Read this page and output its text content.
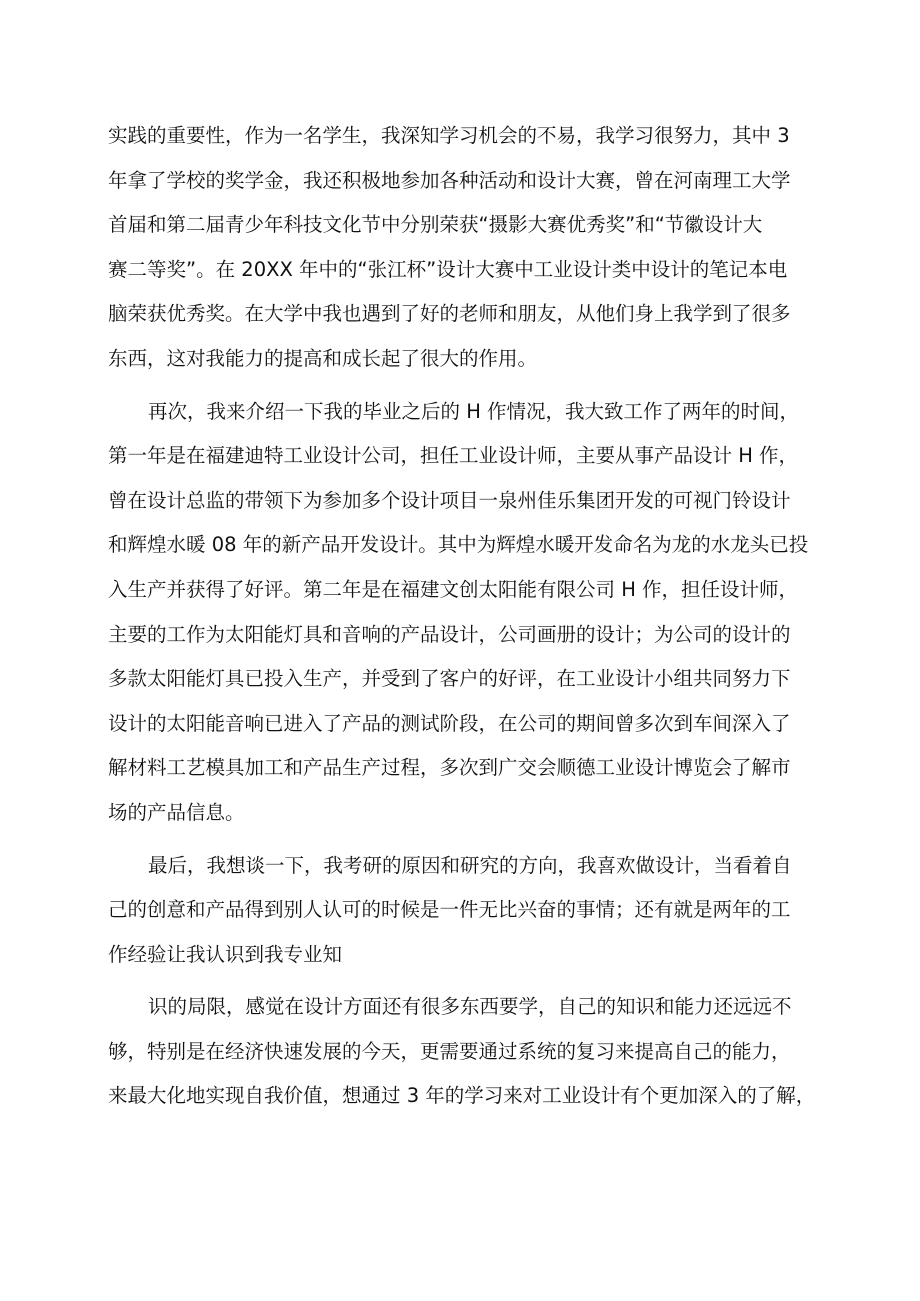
实践的重要性，作为一名学生，我深知学习机会的不易，我学习很努力，其中 3
年拿了学校的奖学金，我还积极地参加各种活动和设计大赛，曾在河南理工大学
首届和第二届青少年科技文化节中分别荣获“摄影大赛优秀奖”和“节徽设计大
赛二等奖”。在 20XX 年中的“张江杯”设计大赛中工业设计类中设计的笔记本电
脑荣获优秀奖。在大学中我也遇到了好的老师和朋友，从他们身上我学到了很多
东西，这对我能力的提高和成长起了很大的作用。

再次，我来介绍一下我的毕业之后的 H 作情况，我大致工作了两年的时间，
第一年是在福建迪特工业设计公司，担任工业设计师，主要从事产品设计 H 作，
曾在设计总监的带领下为参加多个设计项目一泉州佳乐集团开发的可视门铃设计
和辉煌水暖 08 年的新产品开发设计。其中为辉煌水暖开发命名为龙的水龙头已投
入生产并获得了好评。第二年是在福建文创太阳能有限公司 H 作，担任设计师，
主要的工作为太阳能灯具和音响的产品设计，公司画册的设计；为公司的设计的
多款太阳能灯具已投入生产，并受到了客户的好评，在工业设计小组共同努力下
设计的太阳能音响已进入了产品的测试阶段，在公司的期间曾多次到车间深入了
解材料工艺模具加工和产品生产过程，多次到广交会顺德工业设计博览会了解市
场的产品信息。

最后，我想谈一下，我考研的原因和研究的方向，我喜欢做设计，当看着自
己的创意和产品得到别人认可的时候是一件无比兴奋的事情；还有就是两年的工
作经验让我认识到我专业知

识的局限，感觉在设计方面还有很多东西要学，自己的知识和能力还远远不
够，特别是在经济快速发展的今天，更需要通过系统的复习来提高自己的能力，
来最大化地实现自我价值，想通过 3 年的学习来对工业设计有个更加深入的了解，
